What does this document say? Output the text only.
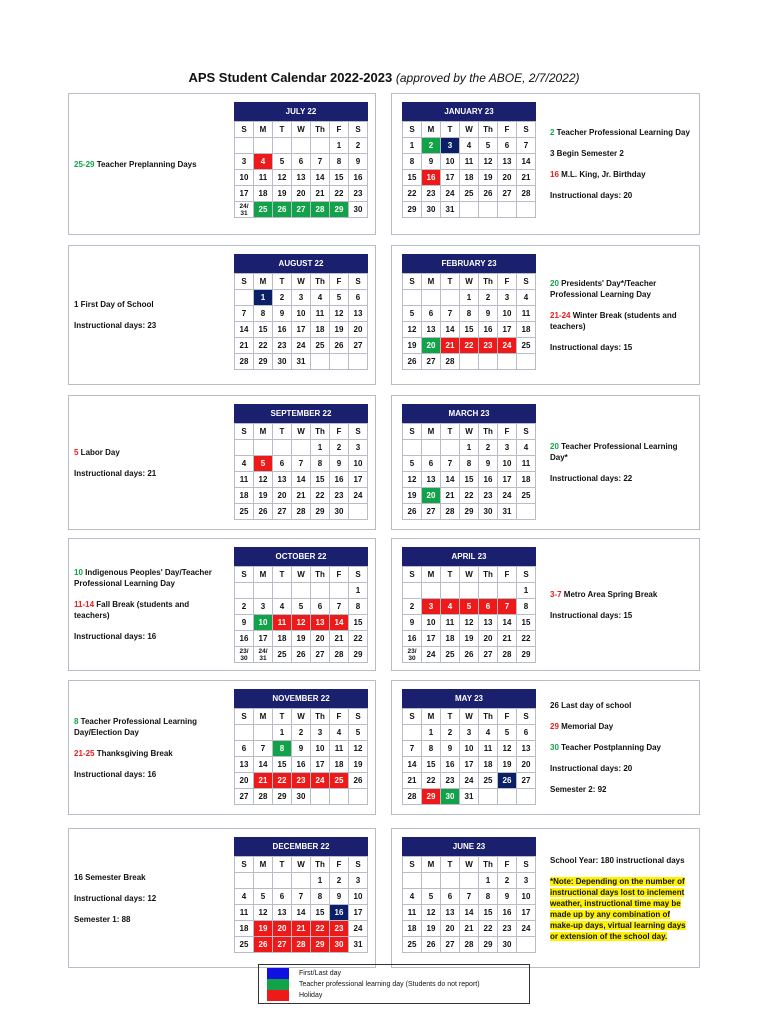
APS Student Calendar 2022-2023 (approved by the ABOE, 2/7/2022)
25-29 Teacher Preplanning Days
JULY 22
S	M	T	W	Th	F	S
					1	2
3	4	5	6	7	8	9
10	11	12	13	14	15	16
17	18	19	20	21	22	23
24/ 31	25	26	27	28	29	30
2 Teacher Professional Learning Day
3 Begin Semester 2
16 M.L. King, Jr. Birthday
Instructional days: 20
JANUARY 23
S	M	T	W	Th	F	S
1	2	3	4	5	6	7
8	9	10	11	12	13	14
15	16	17	18	19	20	21
22	23	24	25	26	27	28
29	30	31				
1 First Day of School
Instructional days: 23
AUGUST 22
S	M	T	W	Th	F	S
	1	2	3	4	5	6
7	8	9	10	11	12	13
14	15	16	17	18	19	20
21	22	23	24	25	26	27
28	29	30	31			
20 Presidents' Day*/Teacher Professional Learning Day
21-24 Winter Break (students and teachers)
Instructional days: 15
FEBRUARY 23
S	M	T	W	Th	F	S
			1	2	3	4
5	6	7	8	9	10	11
12	13	14	15	16	17	18
19	20	21	22	23	24	25
26	27	28				
5 Labor Day
Instructional days: 21
SEPTEMBER 22
S	M	T	W	Th	F	S
				1	2	3
4	5	6	7	8	9	10
11	12	13	14	15	16	17
18	19	20	21	22	23	24
25	26	27	28	29	30	
20 Teacher Professional Learning Day*
Instructional days: 22
MARCH 23
S	M	T	W	Th	F	S
			1	2	3	4
5	6	7	8	9	10	11
12	13	14	15	16	17	18
19	20	21	22	23	24	25
26	27	28	29	30	31	
10 Indigenous Peoples' Day/Teacher Professional Learning Day
11-14 Fall Break (students and teachers)
Instructional days: 16
OCTOBER 22
S	M	T	W	Th	F	S
						1
2	3	4	5	6	7	8
9	10	11	12	13	14	15
16	17	18	19	20	21	22
23/ 30	24/ 31	25	26	27	28	29
3-7 Metro Area Spring Break
Instructional days: 15
APRIL 23
S	M	T	W	Th	F	S
						1
2	3	4	5	6	7	8
9	10	11	12	13	14	15
16	17	18	19	20	21	22
23/ 30	24	25	26	27	28	29
8 Teacher Professional Learning Day/Election Day
21-25 Thanksgiving Break
Instructional days: 16
NOVEMBER 22
S	M	T	W	Th	F	S
		1	2	3	4	5
6	7	8	9	10	11	12
13	14	15	16	17	18	19
20	21	22	23	24	25	26
27	28	29	30			
26 Last day of school
29 Memorial Day
30 Teacher Postplanning Day
Instructional days: 20
Semester 2: 92
MAY 23
S	M	T	W	Th	F	S
	1	2	3	4	5	6
7	8	9	10	11	12	13
14	15	16	17	18	19	20
21	22	23	24	25	26	27
28	29	30	31			
16 Semester Break
Instructional days: 12
Semester 1: 88
DECEMBER 22
S	M	T	W	Th	F	S
				1	2	3
4	5	6	7	8	9	10
11	12	13	14	15	16	17
18	19	20	21	22	23	24
25	26	27	28	29	30	31
School Year: 180 instructional days
*Note: Depending on the number of instructional days lost to inclement weather, instructional time may be made up by any combination of make-up days, virtual learning days or extension of the school day.
JUNE 23
S	M	T	W	Th	F	S
				1	2	3
4	5	6	7	8	9	10
11	12	13	14	15	16	17
18	19	20	21	22	23	24
25	26	27	28	29	30	
First/Last day
Teacher professional learning day (Students do not report)
Holiday
